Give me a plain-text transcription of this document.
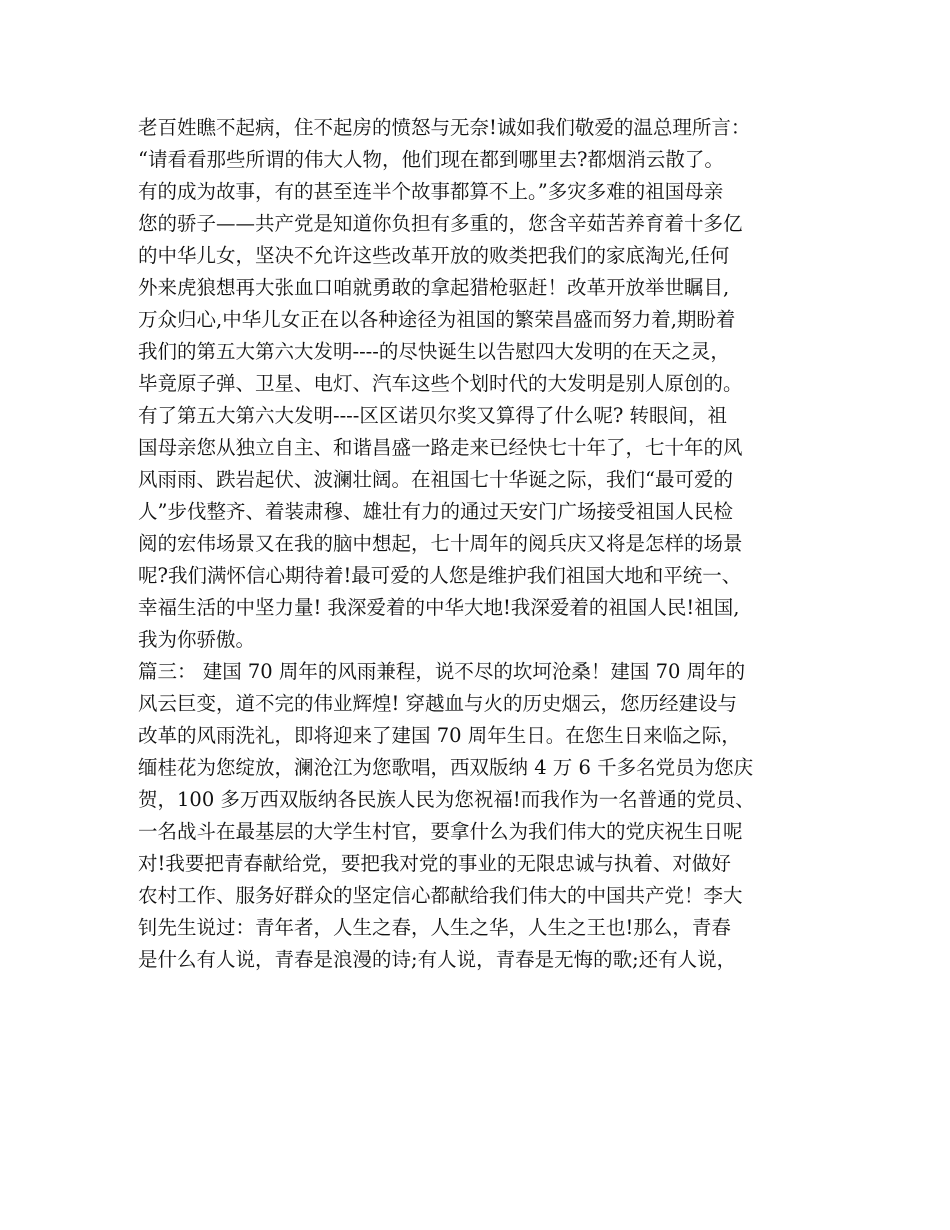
老百姓瞧不起病，住不起房的愤怒与无奈!诚如我们敬爱的温总理所言：
“请看看那些所谓的伟大人物，他们现在都到哪里去?都烟消云散了。
有的成为故事，有的甚至连半个故事都算不上。”多灾多难的祖国母亲
您的骄子——共产党是知道你负担有多重的，您含辛茹苦养育着十多亿
的中华儿女，坚决不允许这些改革开放的败类把我们的家底淘光,任何
外来虎狼想再大张血口咱就勇敢的拿起猎枪驱赶！改革开放举世瞩目,
万众归心,中华儿女正在以各种途径为祖国的繁荣昌盛而努力着,期盼着
我们的第五大第六大发明----的尽快诞生以告慰四大发明的在天之灵，
毕竟原子弹、卫星、电灯、汽车这些个划时代的大发明是别人原创的。
有了第五大第六大发明----区区诺贝尔奖又算得了什么呢? 转眼间，祖
国母亲您从独立自主、和谐昌盛一路走来已经快七十年了，七十年的风
风雨雨、跌岩起伏、波澜壮阔。在祖国七十华诞之际，我们“最可爱的
人”步伐整齐、着装肃穆、雄壮有力的通过天安门广场接受祖国人民检
阅的宏伟场景又在我的脑中想起，七十周年的阅兵庆又将是怎样的场景
呢?我们满怀信心期待着!最可爱的人您是维护我们祖国大地和平统一、
幸福生活的中坚力量! 我深爱着的中华大地!我深爱着的祖国人民!祖国,
我为你骄傲。
篇三： 建国 70 周年的风雨兼程，说不尽的坎坷沧桑！建国 70 周年的
风云巨变，道不完的伟业辉煌! 穿越血与火的历史烟云，您历经建设与
改革的风雨洗礼，即将迎来了建国 70 周年生日。在您生日来临之际，
缅桂花为您绽放，澜沧江为您歌唱，西双版纳 4 万 6 千多名党员为您庆
贺，100 多万西双版纳各民族人民为您祝福!而我作为一名普通的党员、
一名战斗在最基层的大学生村官，要拿什么为我们伟大的党庆祝生日呢
对!我要把青春献给党，要把我对党的事业的无限忠诚与执着、对做好
农村工作、服务好群众的坚定信心都献给我们伟大的中国共产党！李大
钊先生说过：青年者，人生之春，人生之华，人生之王也!那么，青春
是什么有人说，青春是浪漫的诗;有人说，青春是无悔的歌;还有人说，
